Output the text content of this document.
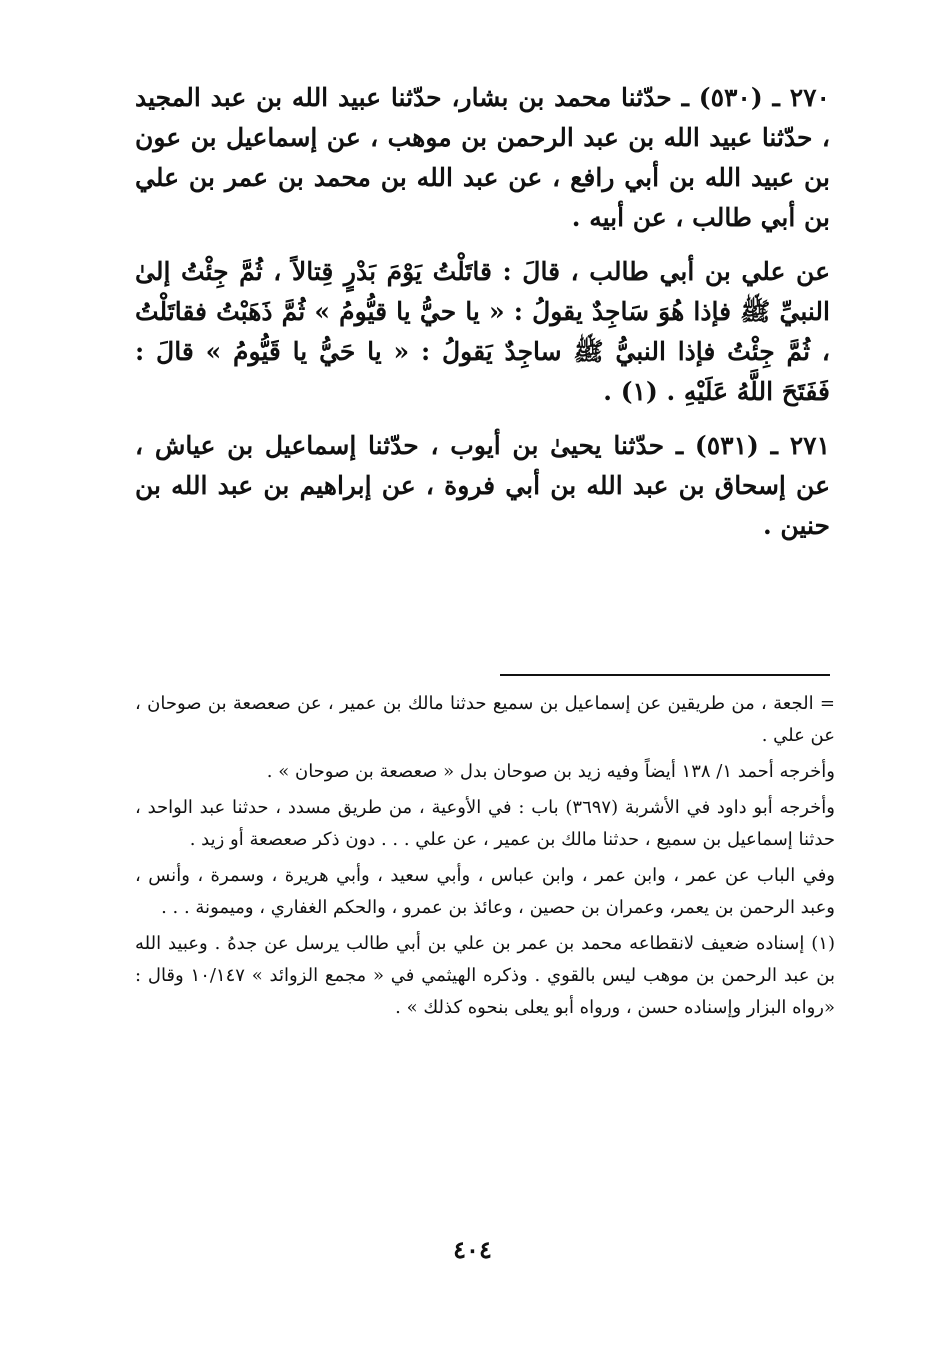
٢٧٠ ـ (٥٣٠) ـ حدّثنا محمد بن بشار، حدّثنا عبيد الله بن عبد المجيد ، حدّثنا عبيد الله بن عبد الرحمن بن موهب ، عن إسماعيل بن عون بن عبيد الله بن أبي رافع ، عن عبد الله بن محمد بن عمر بن علي بن أبي طالب ، عن أبيه .

عن علي بن أبي طالب ، قالَ : قاتَلْتُ يَوْمَ بَدْرٍ قِتالاً ، ثُمَّ جِئْتُ إلىٰ النبيِّ ﷺ فإذا هُوَ سَاجِدٌ يقولُ : « يا حيُّ يا قيُّومُ » ثُمَّ ذَهَبْتُ فقاتَلْتُ ، ثُمَّ جِئْتُ فإذا النبيُّ ﷺ ساجِدٌ يَقولُ : « يا حَيُّ يا قَيُّومُ » قالَ : فَفَتَحَ اللَّهُ عَلَيْهِ . (١) .

٢٧١ ـ (٥٣١) ـ حدّثنا يحيىٰ بن أيوب ، حدّثنا إسماعيل بن عياش ، عن إسحاق بن عبد الله بن أبي فروة ، عن إبراهيم بن عبد الله بن حنين .

= الجعة ، من طريقين عن إسماعيل بن سميع حدثنا مالك بن عمير ، عن صعصعة بن صوحان ، عن علي .

وأخرجه أحمد ١/ ١٣٨ أيضاً وفيه زيد بن صوحان بدل « صعصعة بن صوحان » .

وأخرجه أبو داود في الأشربة (٣٦٩٧) باب : في الأوعية ، من طريق مسدد ، حدثنا عبد الواحد ، حدثنا إسماعيل بن سميع ، حدثنا مالك بن عمير ، عن علي . . . دون ذكر صعصعة أو زيد .

وفي الباب عن عمر ، وابن عمر ، وابن عباس ، وأبي سعيد ، وأبي هريرة ، وسمرة ، وأنس ، وعبد الرحمن بن يعمر، وعمران بن حصين ، وعائذ بن عمرو ، والحكم الغفاري ، وميمونة . . .

(١) إسناده ضعيف لانقطاعه محمد بن عمر بن علي بن أبي طالب يرسل عن جدهُ . وعبيد الله بن عبد الرحمن بن موهب ليس بالقوي . وذكره الهيثمي في « مجمع الزوائد » ١٠/١٤٧ وقال : «رواه البزار وإسناده حسن ، ورواه أبو يعلى بنحوه كذلك » .

٤٠٤
